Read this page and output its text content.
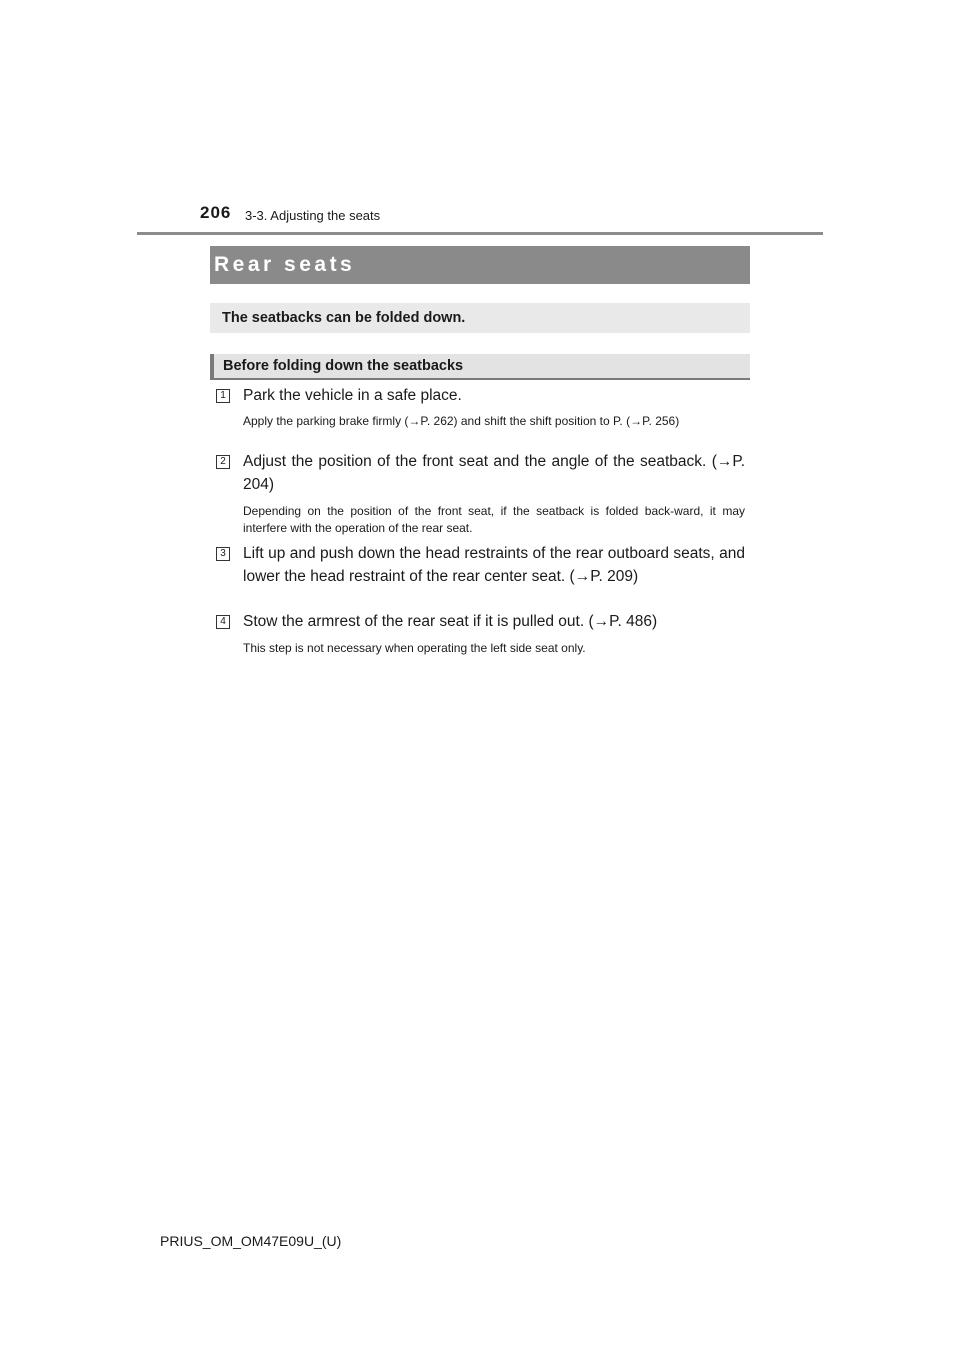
206 3-3. Adjusting the seats
Rear seats
The seatbacks can be folded down.
Before folding down the seatbacks
1 Park the vehicle in a safe place.
Apply the parking brake firmly (→P. 262) and shift the shift position to P. (→P. 256)
2 Adjust the position of the front seat and the angle of the seatback. (→P. 204)
Depending on the position of the front seat, if the seatback is folded back-ward, it may interfere with the operation of the rear seat.
3 Lift up and push down the head restraints of the rear outboard seats, and lower the head restraint of the rear center seat. (→P. 209)
4 Stow the armrest of the rear seat if it is pulled out. (→P. 486)
This step is not necessary when operating the left side seat only.
PRIUS_OM_OM47E09U_(U)
